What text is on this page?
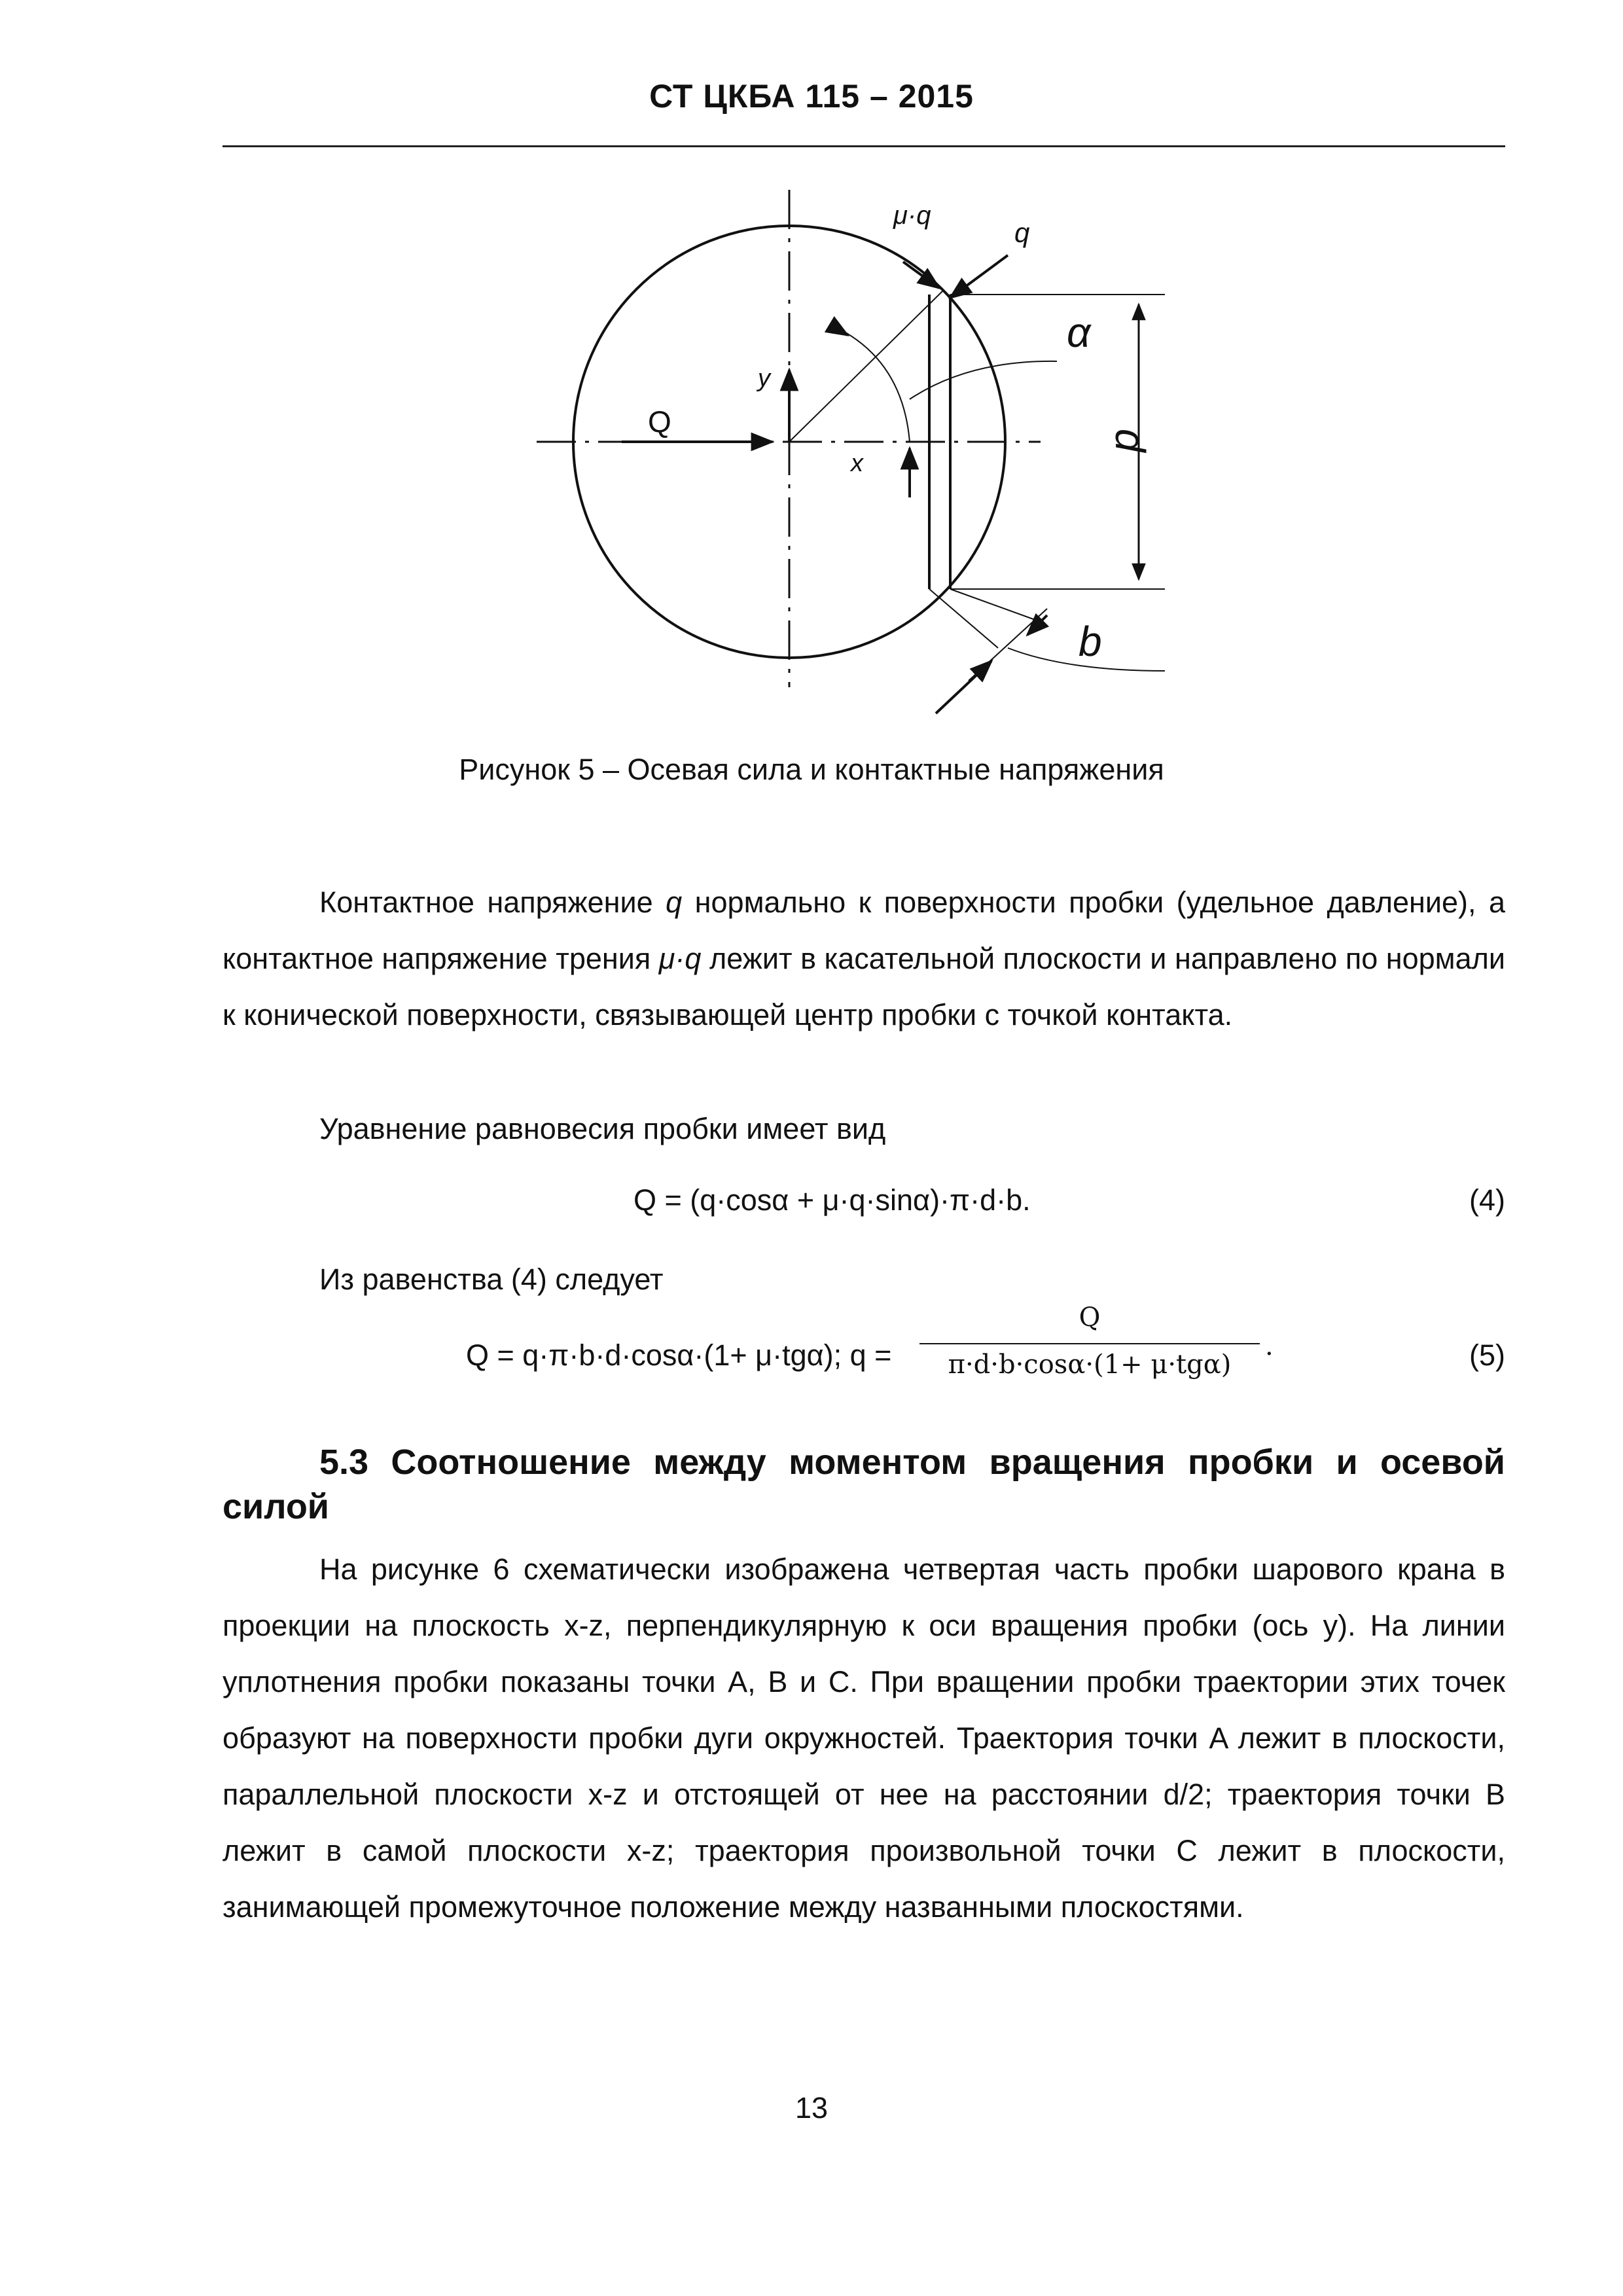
СТ ЦКБА 115 – 2015
μ·q
q
α
y
Q
x
d
b
Рисунок 5 – Осевая сила и контактные напряжения
Контактное напряжение q нормально к поверхности пробки (удельное давление), а контактное напряжение трения μ·q лежит в касательной плоскости и направлено по нормали к конической поверхности, связывающей центр пробки с точкой контакта.
Уравнение равновесия пробки имеет вид
Q = (q·cosα + μ·q·sinα)·π·d·b.	(4)
Из равенства (4) следует
Q = q·π·b·d·cosα·(1+ μ·tgα); q =
Q
π·d·b·cosα·(1+ μ·tgα)
.	(5)
5.3 Соотношение между моментом вращения пробки и осевой силой
На рисунке 6 схематически изображена четвертая часть пробки шарового крана в проекции на плоскость x-z, перпендикулярную к оси вращения пробки (ось y). На линии уплотнения пробки показаны точки A, B и C. При вращении пробки траектории этих точек образуют на поверхности пробки дуги окружностей. Траектория точки A лежит в плоскости, параллельной плоскости x-z и отстоящей от нее на расстоянии d/2; траектория точки B лежит в самой плоскости x-z; траектория произвольной точки C лежит в плоскости, занимающей промежуточное положение между названными плоскостями.
13
